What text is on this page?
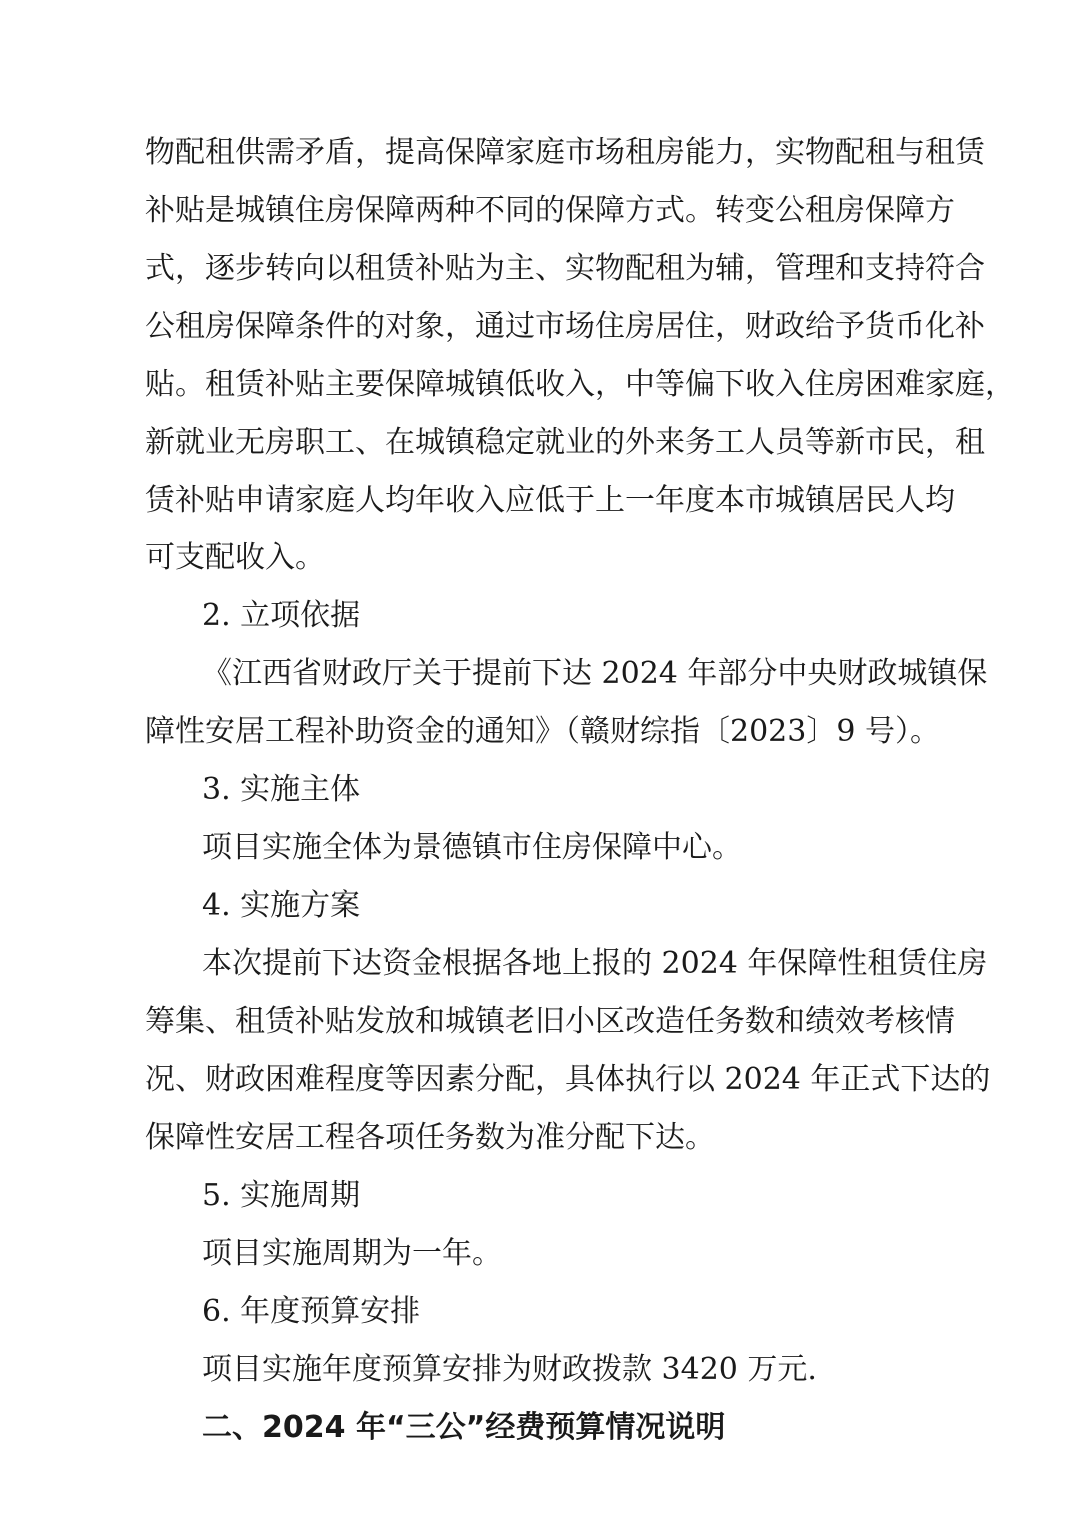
物配租供需矛盾，提高保障家庭市场租房能力，实物配租与租赁
补贴是城镇住房保障两种不同的保障方式。转变公租房保障方
式，逐步转向以租赁补贴为主、实物配租为辅，管理和支持符合
公租房保障条件的对象，通过市场住房居住，财政给予货币化补
贴。租赁补贴主要保障城镇低收入，中等偏下收入住房困难家庭，
新就业无房职工、在城镇稳定就业的外来务工人员等新市民，租
赁补贴申请家庭人均年收入应低于上一年度本市城镇居民人均
可支配收入。
2. 立项依据
《江西省财政厅关于提前下达 2024 年部分中央财政城镇保
障性安居工程补助资金的通知》（赣财综指〔2023〕9 号）。
3. 实施主体
项目实施全体为景德镇市住房保障中心。
4. 实施方案
本次提前下达资金根据各地上报的 2024 年保障性租赁住房
筹集、租赁补贴发放和城镇老旧小区改造任务数和绩效考核情
况、财政困难程度等因素分配，具体执行以 2024 年正式下达的
保障性安居工程各项任务数为准分配下达。
5. 实施周期
项目实施周期为一年。
6. 年度预算安排
项目实施年度预算安排为财政拨款 3420 万元.
二、2024 年“三公”经费预算情况说明
